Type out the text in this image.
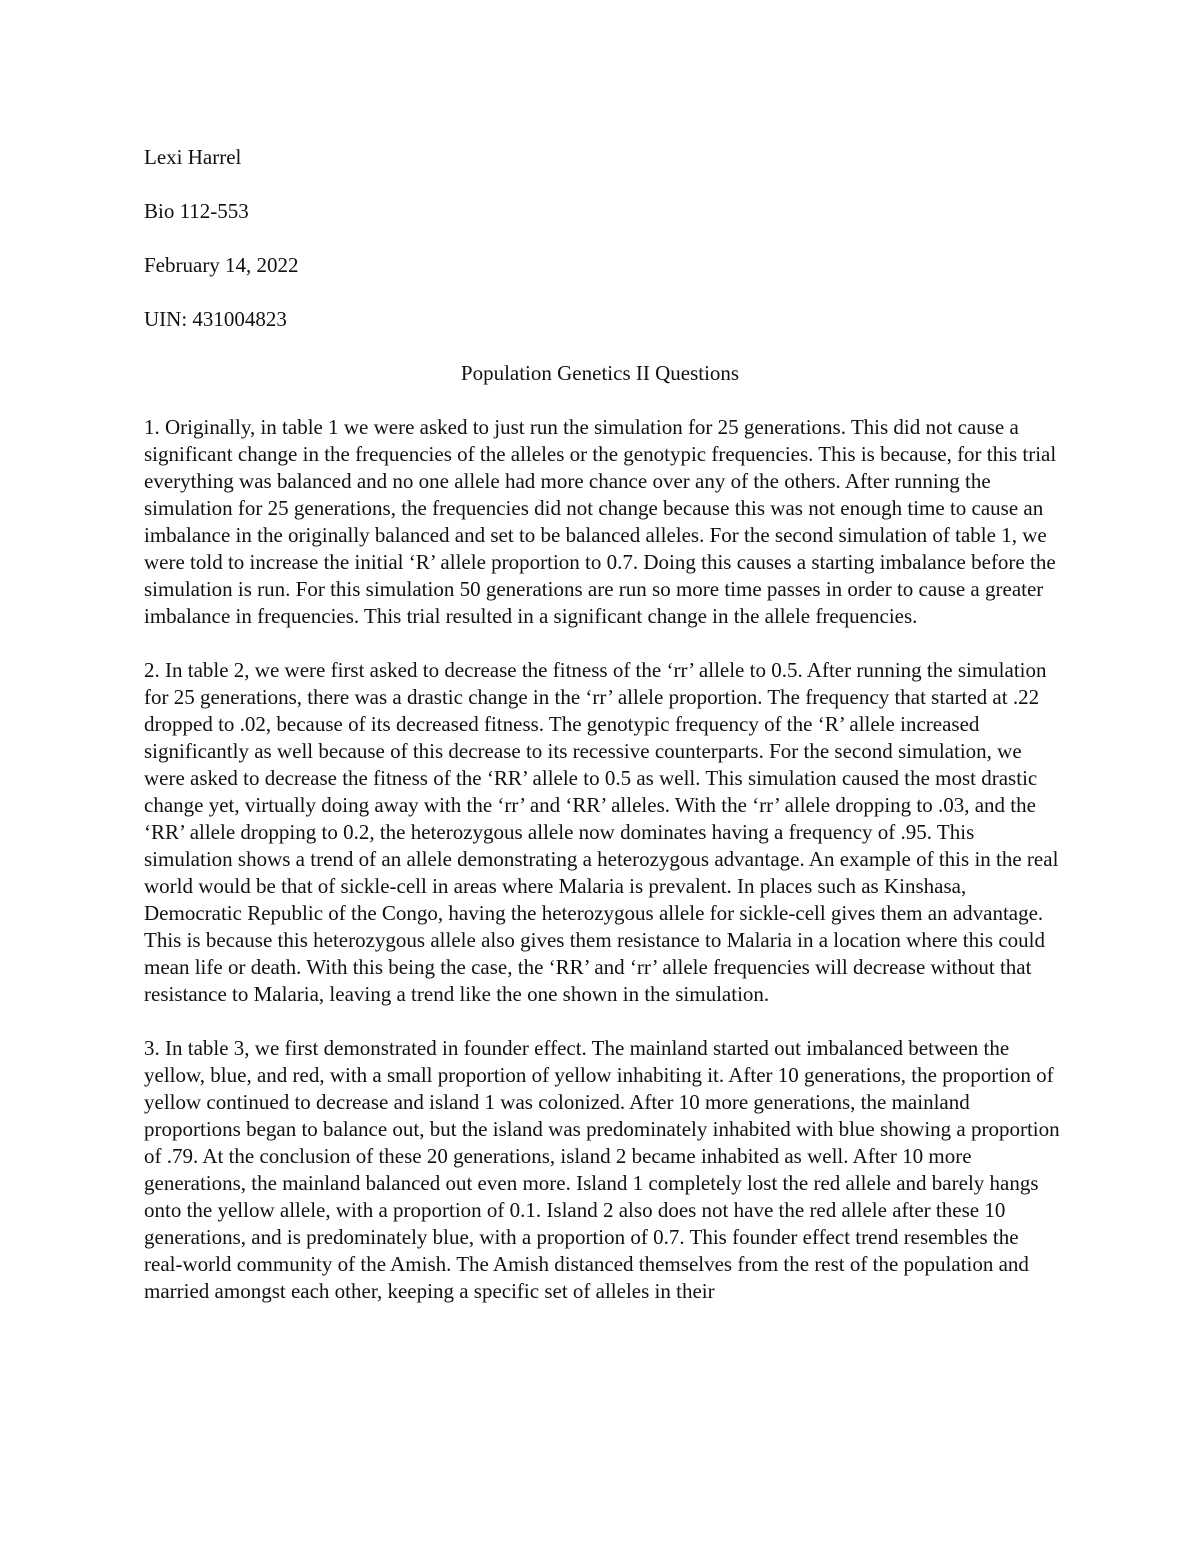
Lexi Harrel

Bio 112-553

February 14, 2022

UIN: 431004823

Population Genetics II Questions

1. Originally, in table 1 we were asked to just run the simulation for 25 generations. This did not cause a significant change in the frequencies of the alleles or the genotypic frequencies. This is because, for this trial everything was balanced and no one allele had more chance over any of the others. After running the simulation for 25 generations, the frequencies did not change because this was not enough time to cause an imbalance in the originally balanced and set to be balanced alleles. For the second simulation of table 1, we were told to increase the initial ‘R’ allele proportion to 0.7. Doing this causes a starting imbalance before the simulation is run. For this simulation 50 generations are run so more time passes in order to cause a greater imbalance in frequencies. This trial resulted in a significant change in the allele frequencies.

2. In table 2, we were first asked to decrease the fitness of the ‘rr’ allele to 0.5. After running the simulation for 25 generations, there was a drastic change in the ‘rr’ allele proportion. The frequency that started at .22 dropped to .02, because of its decreased fitness. The genotypic frequency of the ‘R’ allele increased significantly as well because of this decrease to its recessive counterparts. For the second simulation, we were asked to decrease the fitness of the ‘RR’ allele to 0.5 as well. This simulation caused the most drastic change yet, virtually doing away with the ‘rr’ and ‘RR’ alleles. With the ‘rr’ allele dropping to .03, and the ‘RR’ allele dropping to 0.2, the heterozygous allele now dominates having a frequency of .95. This simulation shows a trend of an allele demonstrating a heterozygous advantage. An example of this in the real world would be that of sickle-cell in areas where Malaria is prevalent. In places such as Kinshasa, Democratic Republic of the Congo, having the heterozygous allele for sickle-cell gives them an advantage. This is because this heterozygous allele also gives them resistance to Malaria in a location where this could mean life or death. With this being the case, the ‘RR’ and ‘rr’ allele frequencies will decrease without that resistance to Malaria, leaving a trend like the one shown in the simulation.

3. In table 3, we first demonstrated in founder effect. The mainland started out imbalanced between the yellow, blue, and red, with a small proportion of yellow inhabiting it. After 10 generations, the proportion of yellow continued to decrease and island 1 was colonized. After 10 more generations, the mainland proportions began to balance out, but the island was predominately inhabited with blue showing a proportion of .79. At the conclusion of these 20 generations, island 2 became inhabited as well. After 10 more generations, the mainland balanced out even more. Island 1 completely lost the red allele and barely hangs onto the yellow allele, with a proportion of 0.1. Island 2 also does not have the red allele after these 10 generations, and is predominately blue, with a proportion of 0.7. This founder effect trend resembles the real-world community of the Amish. The Amish distanced themselves from the rest of the population and married amongst each other, keeping a specific set of alleles in their
